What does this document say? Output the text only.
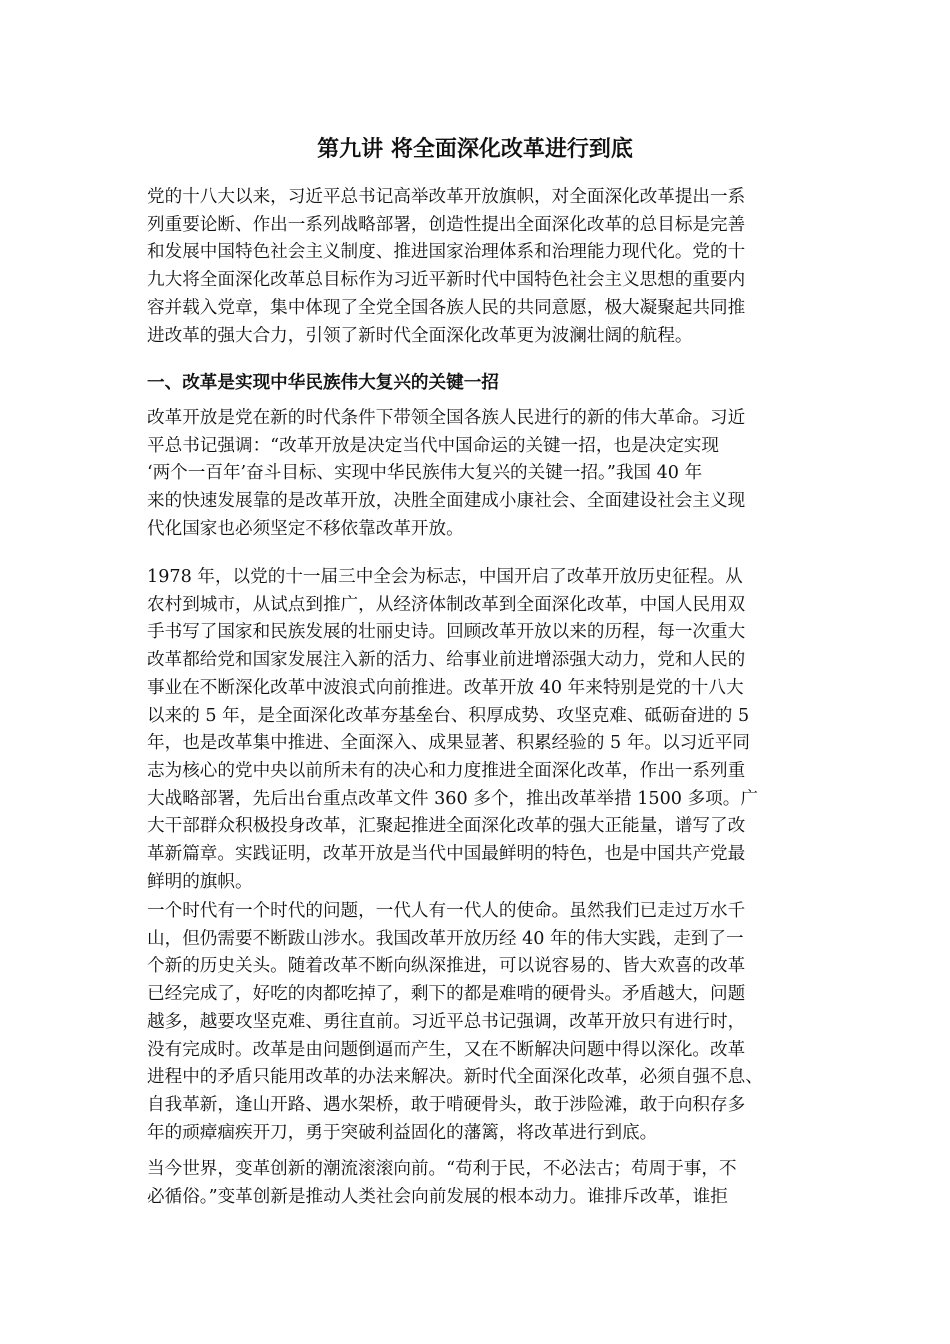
第九讲 将全面深化改革进行到底
党的十八大以来，习近平总书记高举改革开放旗帜，对全面深化改革提出一系
列重要论断、作出一系列战略部署，创造性提出全面深化改革的总目标是完善
和发展中国特色社会主义制度、推进国家治理体系和治理能力现代化。党的十
九大将全面深化改革总目标作为习近平新时代中国特色社会主义思想的重要内
容并载入党章，集中体现了全党全国各族人民的共同意愿，极大凝聚起共同推
进改革的强大合力，引领了新时代全面深化改革更为波澜壮阔的航程。
一、改革是实现中华民族伟大复兴的关键一招
改革开放是党在新的时代条件下带领全国各族人民进行的新的伟大革命。习近
平总书记强调：“改革开放是决定当代中国命运的关键一招，也是决定实现
‘两个一百年’奋斗目标、实现中华民族伟大复兴的关键一招。”我国 40 年
来的快速发展靠的是改革开放，决胜全面建成小康社会、全面建设社会主义现
代化国家也必须坚定不移依靠改革开放。
1978 年，以党的十一届三中全会为标志，中国开启了改革开放历史征程。从
农村到城市，从试点到推广，从经济体制改革到全面深化改革，中国人民用双
手书写了国家和民族发展的壮丽史诗。回顾改革开放以来的历程，每一次重大
改革都给党和国家发展注入新的活力、给事业前进增添强大动力，党和人民的
事业在不断深化改革中波浪式向前推进。改革开放 40 年来特别是党的十八大
以来的 5 年，是全面深化改革夯基垒台、积厚成势、攻坚克难、砥砺奋进的 5
年，也是改革集中推进、全面深入、成果显著、积累经验的 5 年。以习近平同
志为核心的党中央以前所未有的决心和力度推进全面深化改革，作出一系列重
大战略部署，先后出台重点改革文件 360 多个，推出改革举措 1500 多项。广
大干部群众积极投身改革，汇聚起推进全面深化改革的强大正能量，谱写了改
革新篇章。实践证明，改革开放是当代中国最鲜明的特色，也是中国共产党最
鲜明的旗帜。
一个时代有一个时代的问题，一代人有一代人的使命。虽然我们已走过万水千
山，但仍需要不断跋山涉水。我国改革开放历经 40 年的伟大实践，走到了一
个新的历史关头。随着改革不断向纵深推进，可以说容易的、皆大欢喜的改革
已经完成了，好吃的肉都吃掉了，剩下的都是难啃的硬骨头。矛盾越大，问题
越多，越要攻坚克难、勇往直前。习近平总书记强调，改革开放只有进行时，
没有完成时。改革是由问题倒逼而产生，又在不断解决问题中得以深化。改革
进程中的矛盾只能用改革的办法来解决。新时代全面深化改革，必须自强不息、
自我革新，逢山开路、遇水架桥，敢于啃硬骨头，敢于涉险滩，敢于向积存多
年的顽瘴痼疾开刀，勇于突破利益固化的藩篱，将改革进行到底。
当今世界，变革创新的潮流滚滚向前。“苟利于民，不必法古；苟周于事，不
必循俗。”变革创新是推动人类社会向前发展的根本动力。谁排斥改革，谁拒
